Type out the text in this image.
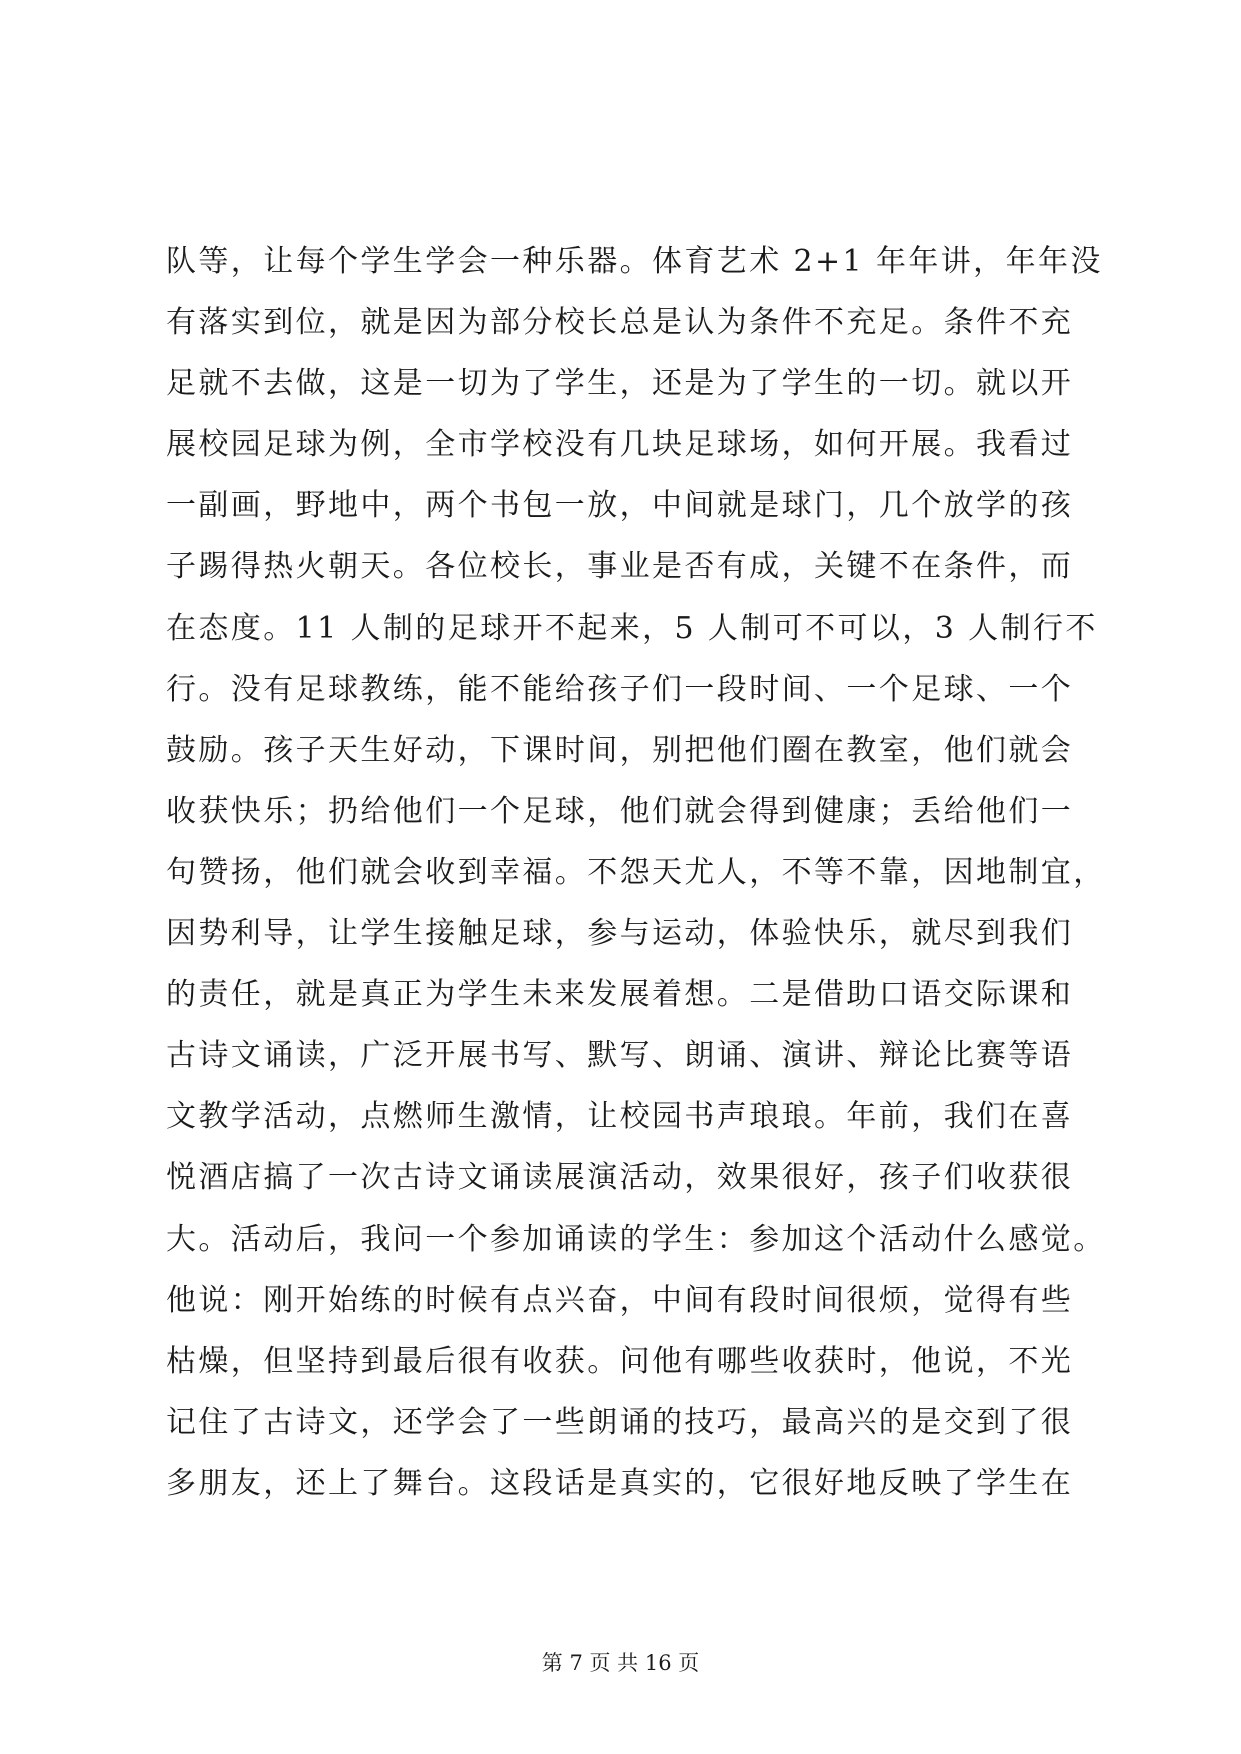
队等，让每个学生学会一种乐器。体育艺术 2+1 年年讲，年年没
有落实到位，就是因为部分校长总是认为条件不充足。条件不充
足就不去做，这是一切为了学生，还是为了学生的一切。就以开
展校园足球为例，全市学校没有几块足球场，如何开展。我看过
一副画，野地中，两个书包一放，中间就是球门，几个放学的孩
子踢得热火朝天。各位校长，事业是否有成，关键不在条件，而
在态度。11 人制的足球开不起来，5 人制可不可以，3 人制行不
行。没有足球教练，能不能给孩子们一段时间、一个足球、一个
鼓励。孩子天生好动，下课时间，别把他们圈在教室，他们就会
收获快乐；扔给他们一个足球，他们就会得到健康；丢给他们一
句赞扬，他们就会收到幸福。不怨天尤人，不等不靠，因地制宜，
因势利导，让学生接触足球，参与运动，体验快乐，就尽到我们
的责任，就是真正为学生未来发展着想。二是借助口语交际课和
古诗文诵读，广泛开展书写、默写、朗诵、演讲、辩论比赛等语
文教学活动，点燃师生激情，让校园书声琅琅。年前，我们在喜
悦酒店搞了一次古诗文诵读展演活动，效果很好，孩子们收获很
大。活动后，我问一个参加诵读的学生：参加这个活动什么感觉。
他说：刚开始练的时候有点兴奋，中间有段时间很烦，觉得有些
枯燥，但坚持到最后很有收获。问他有哪些收获时，他说，不光
记住了古诗文，还学会了一些朗诵的技巧，最高兴的是交到了很
多朋友，还上了舞台。这段话是真实的，它很好地反映了学生在
第 7 页 共 16 页
